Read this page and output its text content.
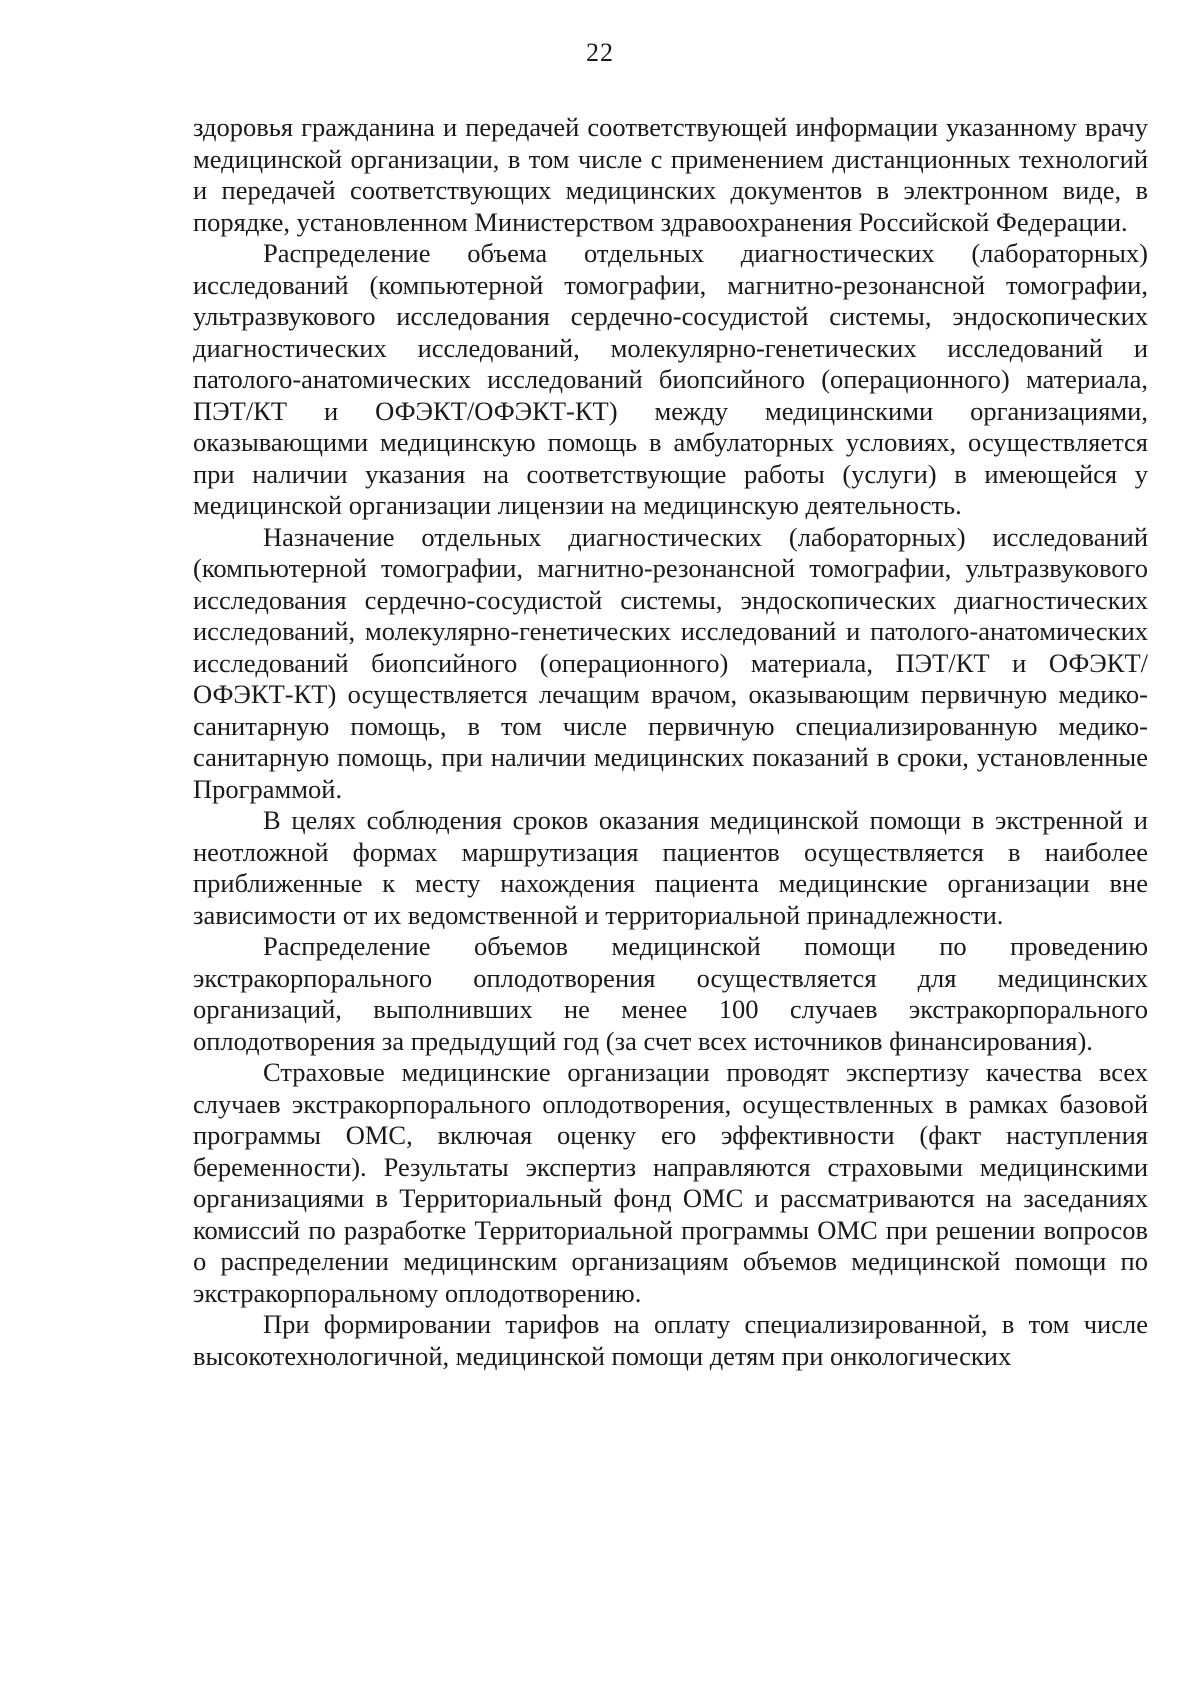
22

здоровья гражданина и передачей соответствующей информации указанному врачу медицинской организации, в том числе с применением дистанционных технологий и передачей соответствующих медицинских документов в электронном виде, в порядке, установленном Министерством здравоохранения Российской Федерации.

Распределение объема отдельных диагностических (лабораторных) исследований (компьютерной томографии, магнитно-резонансной томографии, ультразвукового исследования сердечно-сосудистой системы, эндоскопических диагностических исследований, молекулярно-генетических исследований и патолого-анатомических исследований биопсийного (операционного) материала, ПЭТ/КТ и ОФЭКТ/ОФЭКТ-КТ) между медицинскими организациями, оказывающими медицинскую помощь в амбулаторных условиях, осуществляется при наличии указания на соответствующие работы (услуги) в имеющейся у медицинской организации лицензии на медицинскую деятельность.

Назначение отдельных диагностических (лабораторных) исследований (компьютерной томографии, магнитно-резонансной томографии, ультразвукового исследования сердечно-сосудистой системы, эндоскопических диагностических исследований, молекулярно-генетических исследований и патолого-анатомических исследований биопсийного (операционного) материала, ПЭТ/КТ и ОФЭКТ/ОФЭКТ-КТ) осуществляется лечащим врачом, оказывающим первичную медико-санитарную помощь, в том числе первичную специализированную медико-санитарную помощь, при наличии медицинских показаний в сроки, установленные Программой.

В целях соблюдения сроков оказания медицинской помощи в экстренной и неотложной формах маршрутизация пациентов осуществляется в наиболее приближенные к месту нахождения пациента медицинские организации вне зависимости от их ведомственной и территориальной принадлежности.

Распределение объемов медицинской помощи по проведению экстракорпорального оплодотворения осуществляется для медицинских организаций, выполнивших не менее 100 случаев экстракорпорального оплодотворения за предыдущий год (за счет всех источников финансирования).

Страховые медицинские организации проводят экспертизу качества всех случаев экстракорпорального оплодотворения, осуществленных в рамках базовой программы ОМС, включая оценку его эффективности (факт наступления беременности). Результаты экспертиз направляются страховыми медицинскими организациями в Территориальный фонд ОМС и рассматриваются на заседаниях комиссий по разработке Территориальной программы ОМС при решении вопросов о распределении медицинским организациям объемов медицинской помощи по экстракорпоральному оплодотворению.

При формировании тарифов на оплату специализированной, в том числе высокотехнологичной, медицинской помощи детям при онкологических
